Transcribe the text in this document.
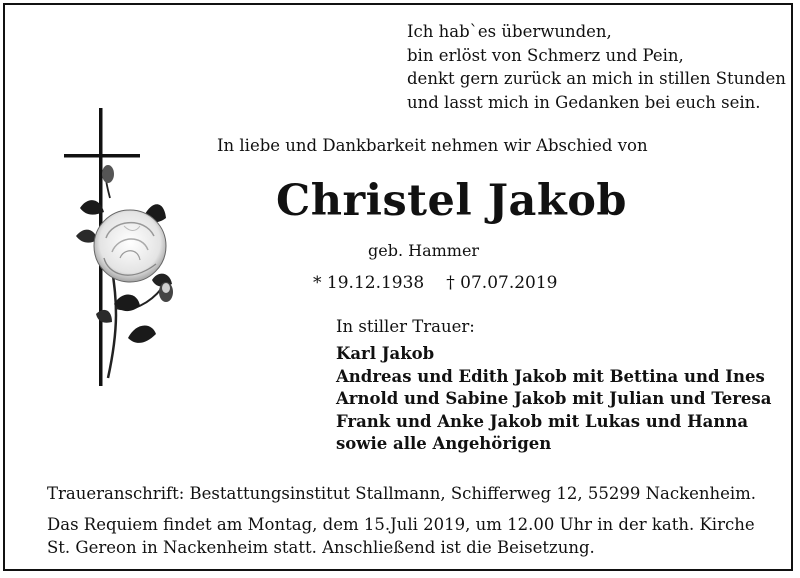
Ich hab`es überwunden,
bin erlöst von Schmerz und Pein,
denkt gern zurück an mich in stillen Stunden
und lasst mich in Gedanken bei euch sein.

In liebe und Dankbarkeit nehmen wir Abschied von

Christel Jakob

geb. Hammer

* 19.12.1938 † 07.07.2019

In stiller Trauer:

Karl Jakob
Andreas und Edith Jakob mit Bettina und Ines
Arnold und Sabine Jakob mit Julian und Teresa
Frank und Anke Jakob mit Lukas und Hanna
sowie alle Angehörigen

Traueranschrift: Bestattungsinstitut Stallmann, Schifferweg 12, 55299 Nackenheim.

Das Requiem findet am Montag, dem 15.Juli 2019, um 12.00 Uhr in der kath. Kirche
St. Gereon in Nackenheim statt. Anschließend ist die Beisetzung.
